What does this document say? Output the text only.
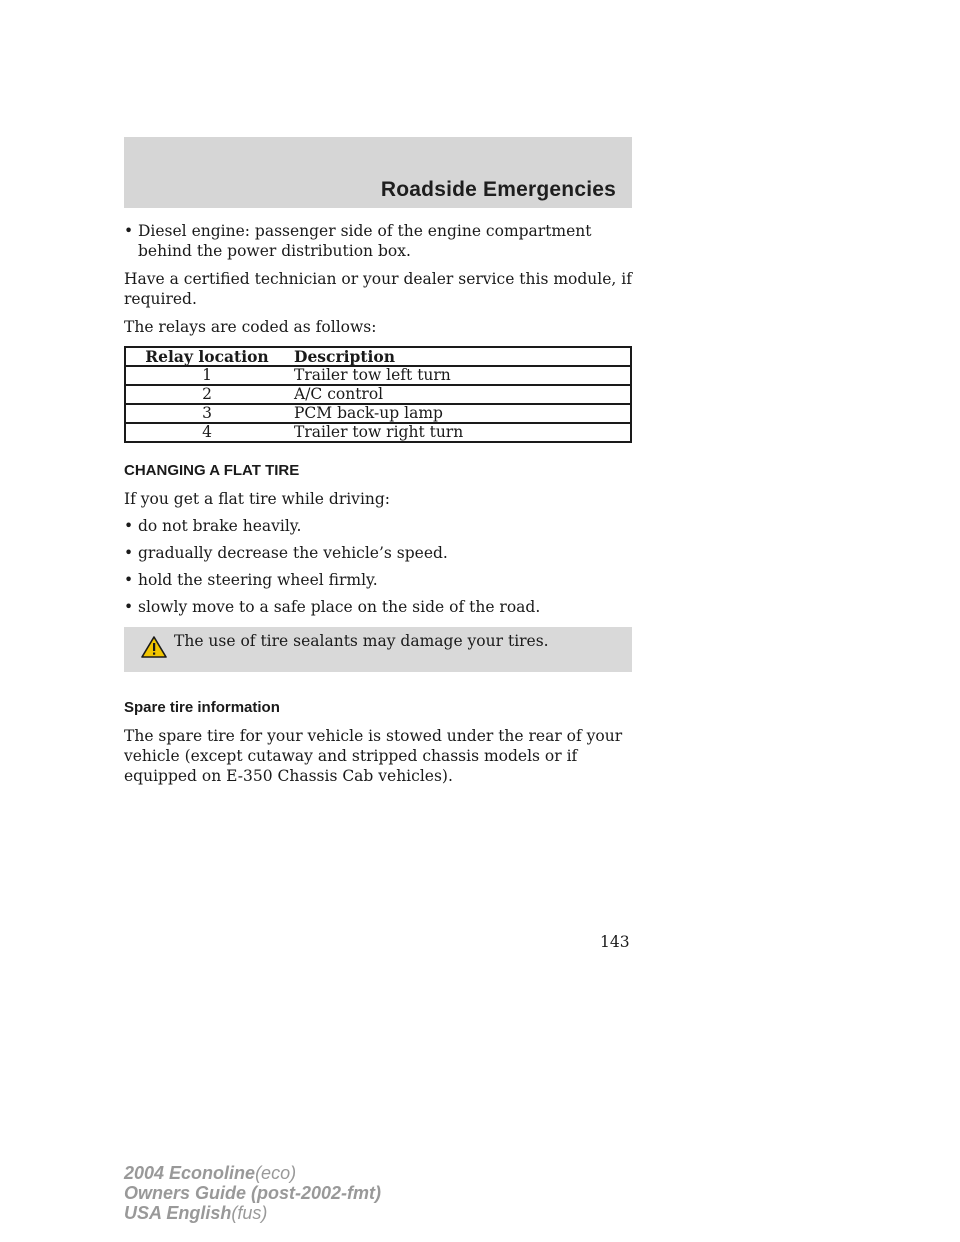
Roadside Emergencies
• Diesel engine: passenger side of the engine compartment behind the power distribution box.

Have a certified technician or your dealer service this module, if required.

The relays are coded as follows:

Relay location	Description
1	Trailer tow left turn
2	A/C control
3	PCM back-up lamp
4	Trailer tow right turn
CHANGING A FLAT TIRE

If you get a flat tire while driving:

• do not brake heavily.
• gradually decrease the vehicle’s speed.
• hold the steering wheel firmly.
• slowly move to a safe place on the side of the road.
The use of tire sealants may damage your tires.
Spare tire information

The spare tire for your vehicle is stowed under the rear of your vehicle (except cutaway and stripped chassis models or if equipped on E-350 Chassis Cab vehicles).

143
2004 Econoline(eco)
Owners Guide (post-2002-fmt)
USA English(fus)
